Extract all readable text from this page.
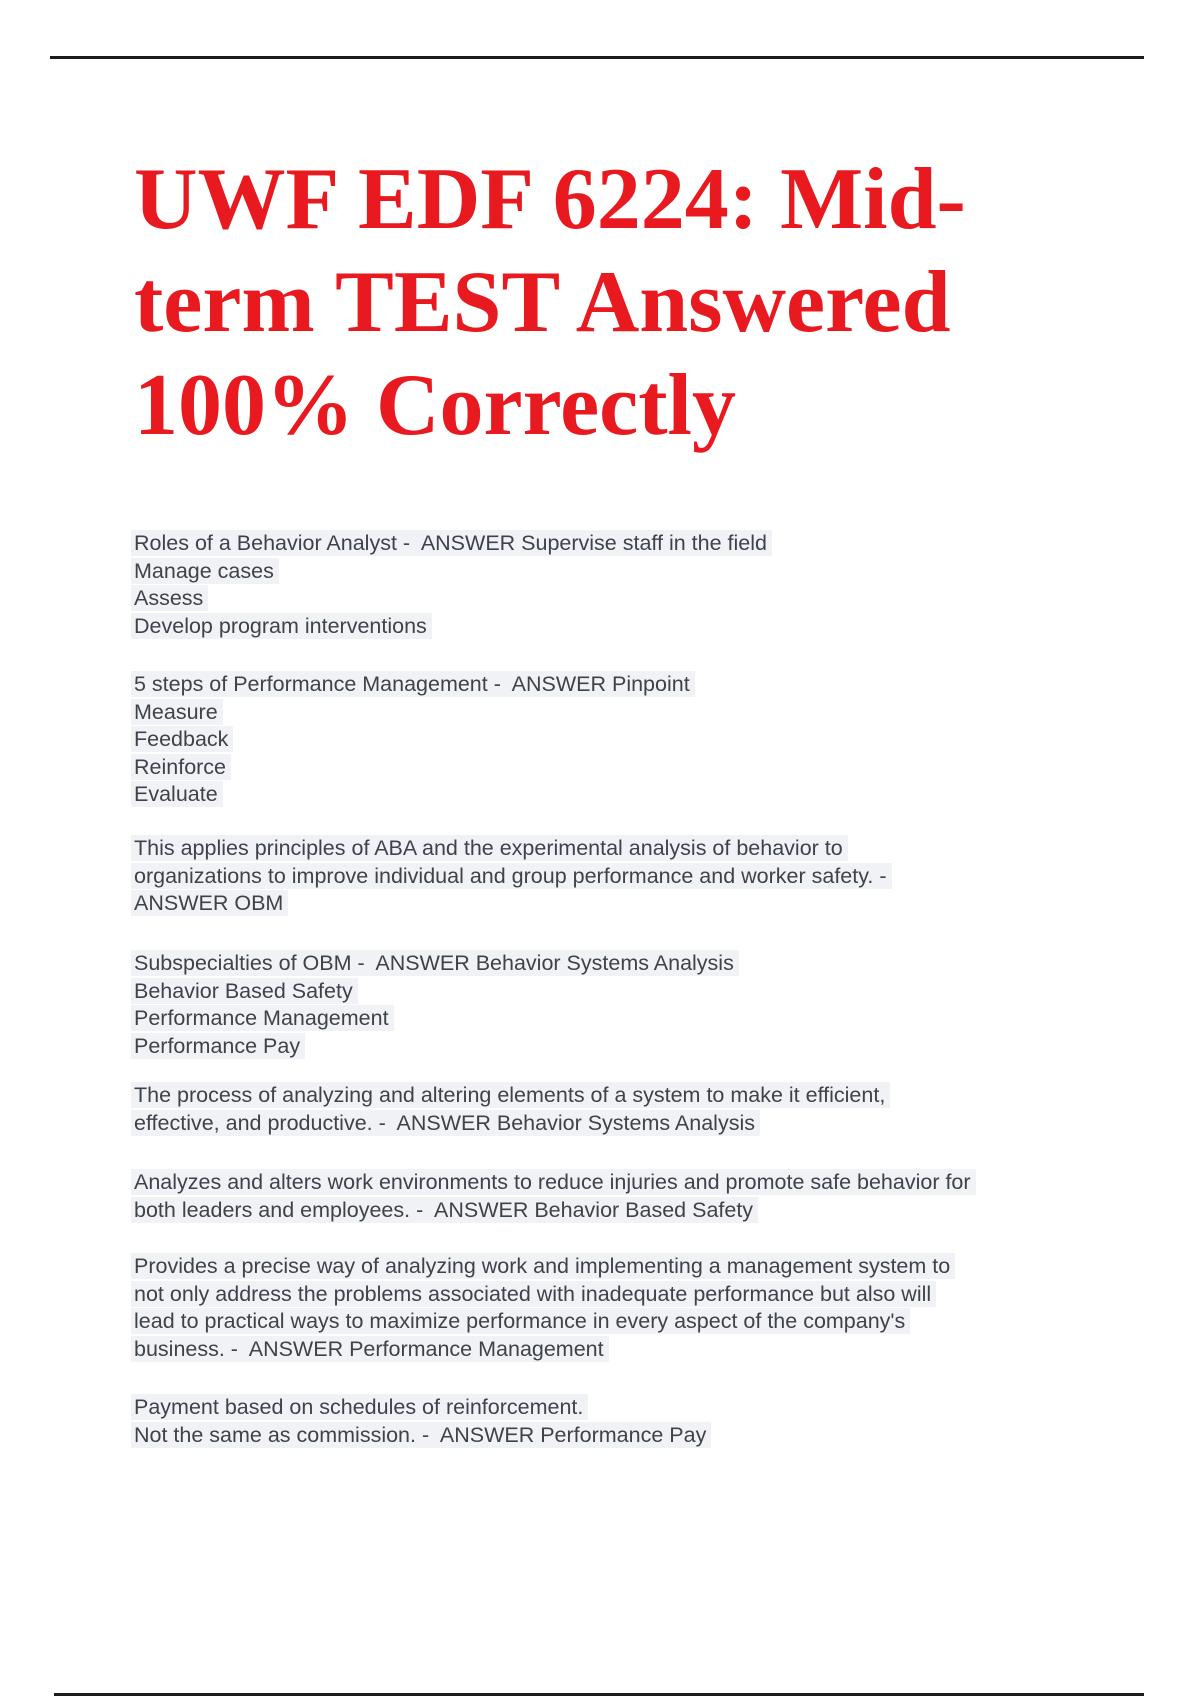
UWF EDF 6224: Mid-
term TEST Answered
100% Correctly
Roles of a Behavior Analyst -  ANSWER Supervise staff in the field
Manage cases
Assess
Develop program interventions
5 steps of Performance Management -  ANSWER Pinpoint
Measure
Feedback
Reinforce
Evaluate
This applies principles of ABA and the experimental analysis of behavior to
organizations to improve individual and group performance and worker safety. -
ANSWER OBM
Subspecialties of OBM -  ANSWER Behavior Systems Analysis
Behavior Based Safety
Performance Management
Performance Pay
The process of analyzing and altering elements of a system to make it efficient,
effective, and productive. -  ANSWER Behavior Systems Analysis
Analyzes and alters work environments to reduce injuries and promote safe behavior for
both leaders and employees. -  ANSWER Behavior Based Safety
Provides a precise way of analyzing work and implementing a management system to
not only address the problems associated with inadequate performance but also will
lead to practical ways to maximize performance in every aspect of the company's
business. -  ANSWER Performance Management
Payment based on schedules of reinforcement.
Not the same as commission. -  ANSWER Performance Pay
